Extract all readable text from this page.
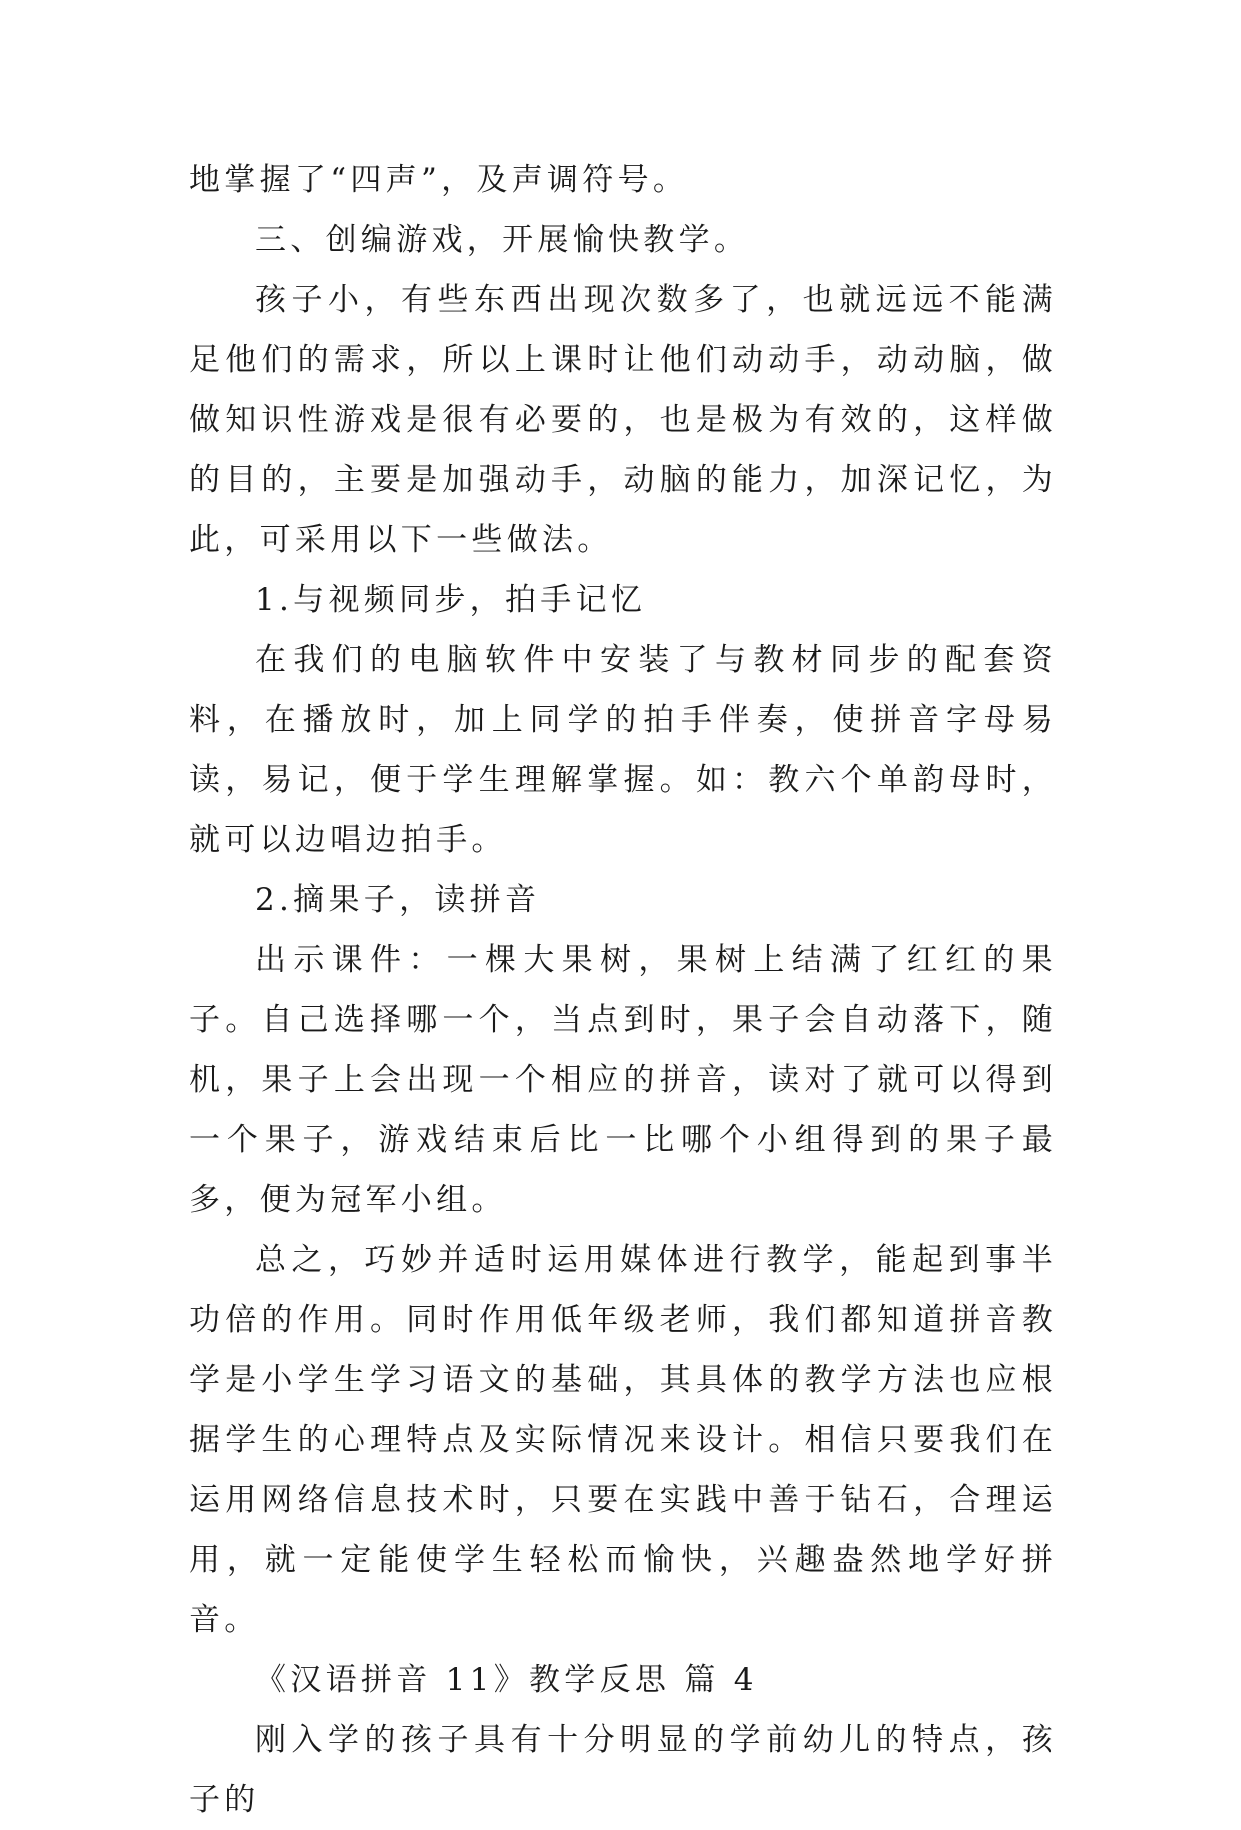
地掌握了“四声”，及声调符号。

三、创编游戏，开展愉快教学。

孩子小，有些东西出现次数多了，也就远远不能满足他们的需求，所以上课时让他们动动手，动动脑，做做知识性游戏是很有必要的，也是极为有效的，这样做的目的，主要是加强动手，动脑的能力，加深记忆，为此，可采用以下一些做法。

1.与视频同步，拍手记忆

在我们的电脑软件中安装了与教材同步的配套资料，在播放时，加上同学的拍手伴奏，使拼音字母易读，易记，便于学生理解掌握。如：教六个单韵母时，就可以边唱边拍手。

2.摘果子，读拼音

出示课件：一棵大果树，果树上结满了红红的果子。自己选择哪一个，当点到时，果子会自动落下，随机，果子上会出现一个相应的拼音，读对了就可以得到一个果子，游戏结束后比一比哪个小组得到的果子最多，便为冠军小组。

总之，巧妙并适时运用媒体进行教学，能起到事半功倍的作用。同时作用低年级老师，我们都知道拼音教学是小学生学习语文的基础，其具体的教学方法也应根据学生的心理特点及实际情况来设计。相信只要我们在运用网络信息技术时，只要在实践中善于钻石，合理运用，就一定能使学生轻松而愉快，兴趣盎然地学好拼音。

《汉语拼音 11》教学反思 篇 4

刚入学的孩子具有十分明显的学前幼儿的特点，孩子的
